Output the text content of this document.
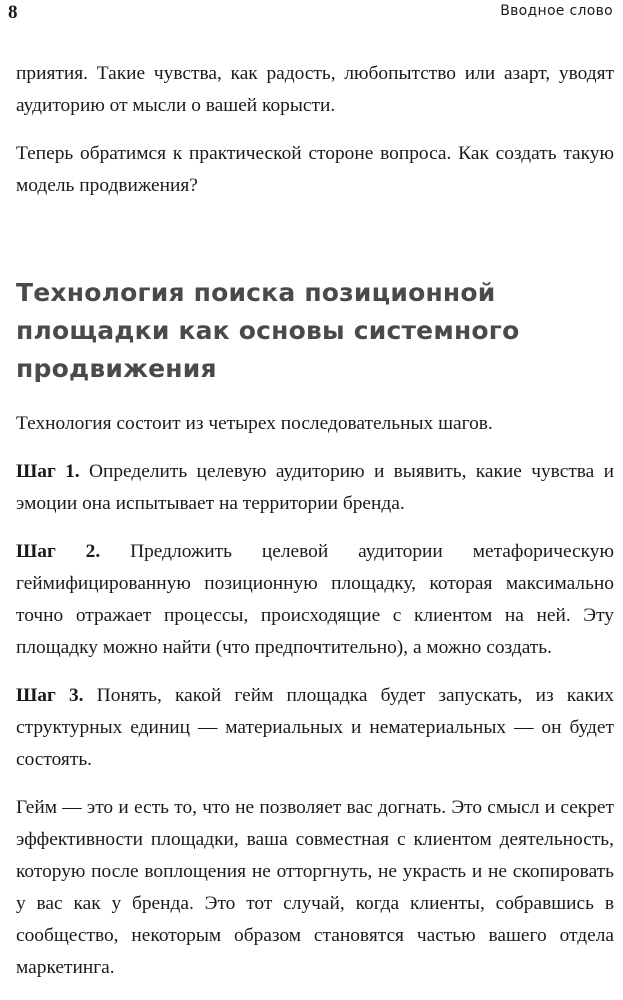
8	Вводное слово

приятия. Такие чувства, как радость, любопытство или азарт, уводят аудиторию от мысли о вашей корысти.

Теперь обратимся к практической стороне вопроса. Как создать такую модель продвижения?

Технология поиска позиционной площадки как основы системного продвижения

Технология состоит из четырех последовательных шагов.

Шаг 1. Определить целевую аудиторию и выявить, какие чувства и эмоции она испытывает на территории бренда.

Шаг 2. Предложить целевой аудитории метафорическую геймифицированную позиционную площадку, которая максимально точно отражает процессы, происходящие с клиентом на ней. Эту площадку можно найти (что предпочтительно), а можно создать.

Шаг 3. Понять, какой гейм площадка будет запускать, из каких структурных единиц — материальных и нематериальных — он будет состоять.

Гейм — это и есть то, что не позволяет вас догнать. Это смысл и секрет эффективности площадки, ваша совместная с клиентом деятельность, которую после воплощения не отторгнуть, не украсть и не скопировать у вас как у бренда. Это тот случай, когда клиенты, собравшись в сообщество, некоторым образом становятся частью вашего отдела маркетинга.
